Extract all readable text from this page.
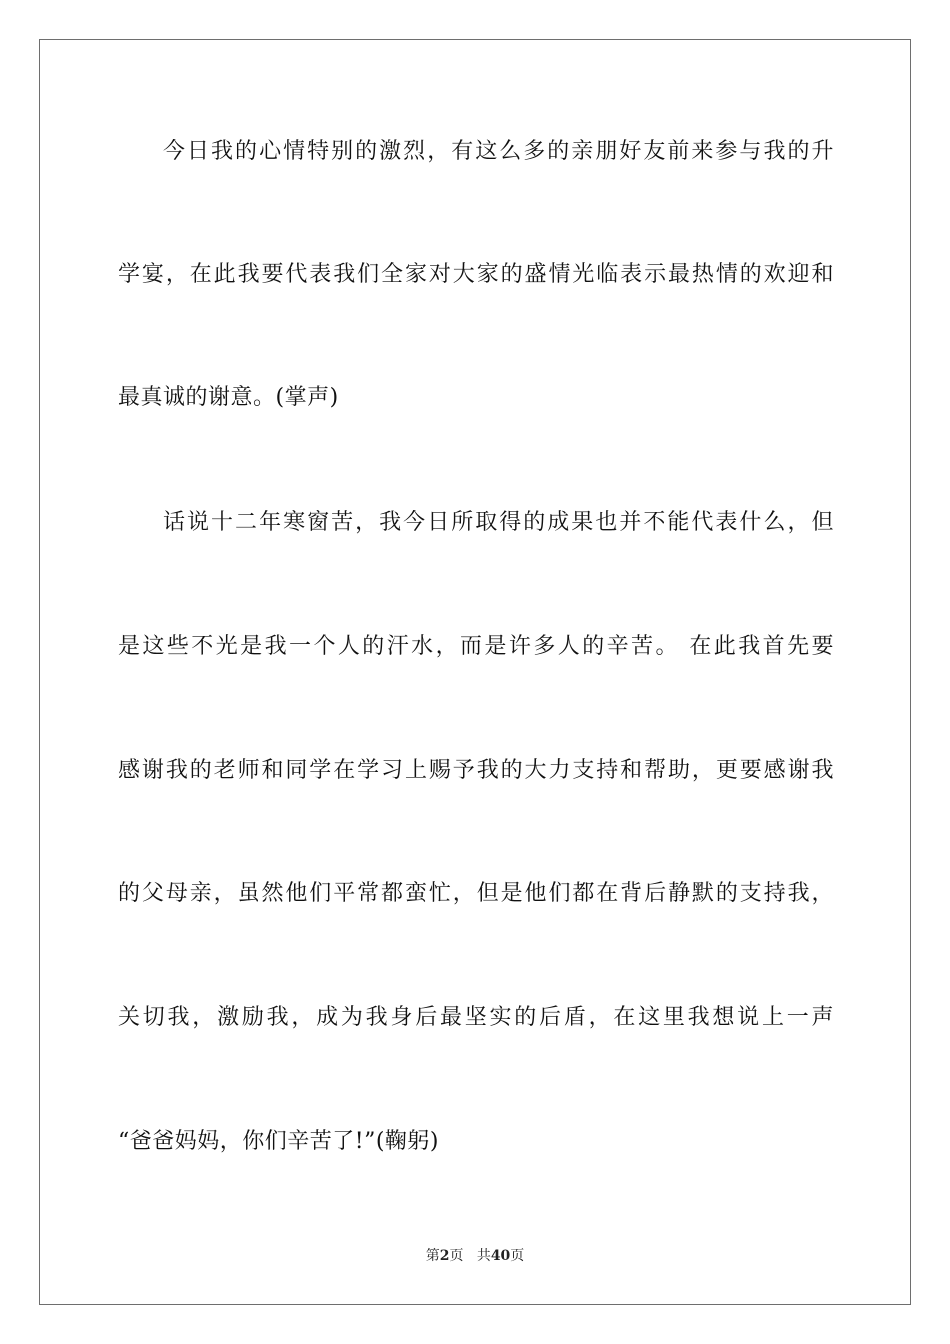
今日我的心情特别的激烈，有这么多的亲朋好友前来参与我的升
学宴，在此我要代表我们全家对大家的盛情光临表示最热情的欢迎和
最真诚的谢意。(掌声)
话说十二年寒窗苦，我今日所取得的成果也并不能代表什么，但
是这些不光是我一个人的汗水，而是许多人的辛苦。 在此我首先要
感谢我的老师和同学在学习上赐予我的大力支持和帮助，更要感谢我
的父母亲，虽然他们平常都蛮忙，但是他们都在背后静默的支持我，
关切我，激励我，成为我身后最坚实的后盾，在这里我想说上一声
“爸爸妈妈，你们辛苦了!”(鞠躬)
第2页 共40页
